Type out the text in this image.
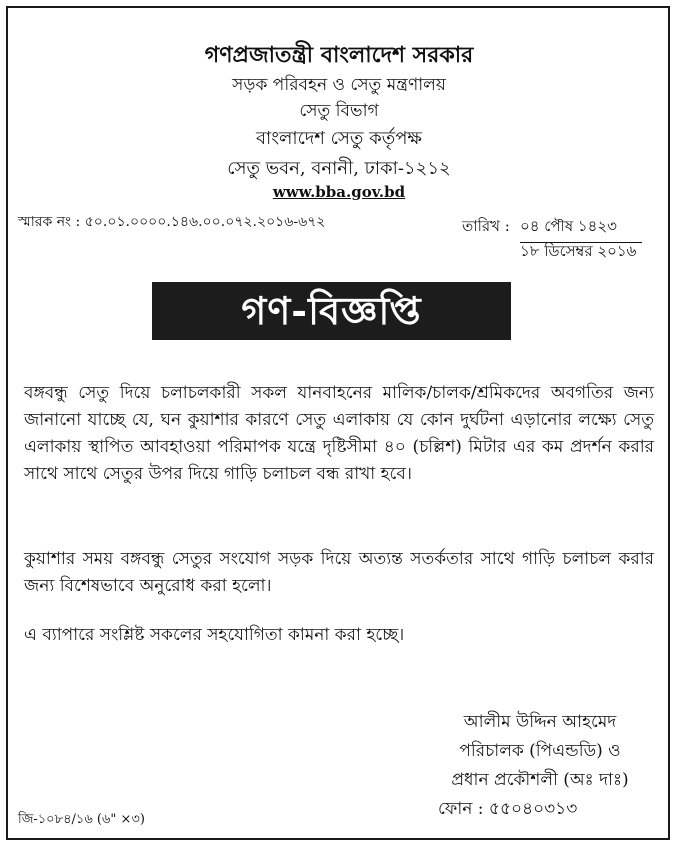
গণপ্রজাতন্ত্রী বাংলাদেশ সরকার
সড়ক পরিবহন ও সেতু মন্ত্রণালয়
সেতু বিভাগ
বাংলাদেশ সেতু কর্তৃপক্ষ
সেতু ভবন, বনানী, ঢাকা-১২১২
www.bba.gov.bd
স্মারক নং : ৫০.০১.০০০০.১৪৬.০০.০৭২.২০১৬-৬৭২	তারিখ : ০৪ পৌষ ১৪২৩
১৮ ডিসেম্বর ২০১৬
গণ-বিজ্ঞপ্তি

বঙ্গবন্ধু সেতু দিয়ে চলাচলকারী সকল যানবাহনের মালিক/চালক/শ্রমিকদের অবগতির জন্য জানানো যাচ্ছে যে, ঘন কুয়াশার কারণে সেতু এলাকায় যে কোন দুর্ঘটনা এড়ানোর লক্ষ্যে সেতু এলাকায় স্থাপিত আবহাওয়া পরিমাপক যন্ত্রে দৃষ্টিসীমা ৪০ (চল্লিশ) মিটার এর কম প্রদর্শন করার সাথে সাথে সেতুর উপর দিয়ে গাড়ি চলাচল বন্ধ রাখা হবে।

কুয়াশার সময় বঙ্গবন্ধু সেতুর সংযোগ সড়ক দিয়ে অত্যন্ত সতর্কতার সাথে গাড়ি চলাচল করার জন্য বিশেষভাবে অনুরোধ করা হলো।

এ ব্যাপারে সংশ্লিষ্ট সকলের সহযোগিতা কামনা করা হচ্ছে।

আলীম উদ্দিন আহমেদ
পরিচালক (পিএন্ডডি) ও
প্রধান প্রকৌশলী (অঃ দাঃ)
ফোন : ৫৫০৪০৩১৩
জি-১০৮৪/১৬ (৬" ×৩)
